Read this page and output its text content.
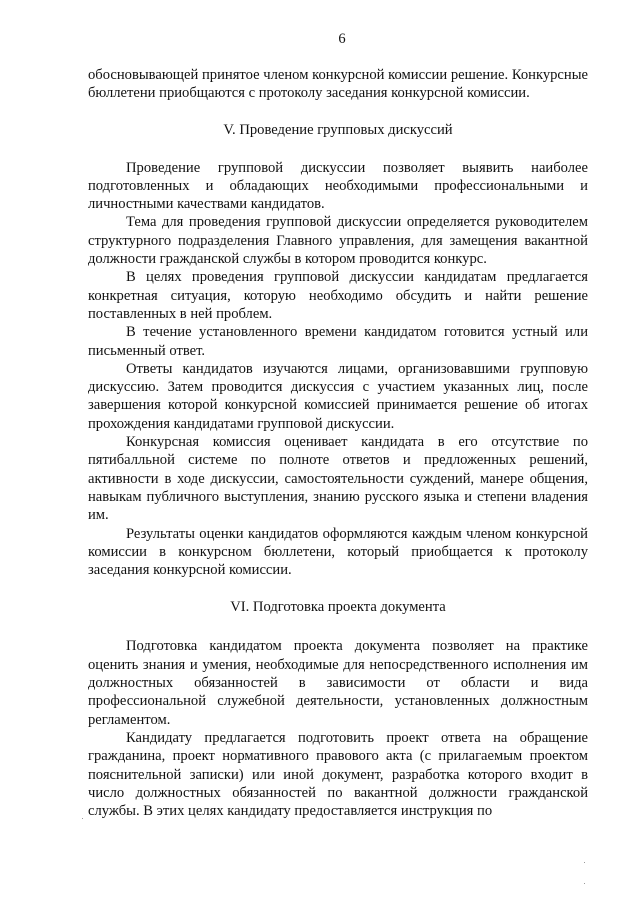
6

обосновывающей принятое членом конкурсной комиссии решение. Конкурсные бюллетени приобщаются с протоколу заседания конкурсной комиссии.

V. Проведение групповых дискуссий

Проведение групповой дискуссии позволяет выявить наиболее подготовленных и обладающих необходимыми профессиональными и личностными качествами кандидатов.

Тема для проведения групповой дискуссии определяется руководителем структурного подразделения Главного управления, для замещения вакантной должности гражданской службы в котором проводится конкурс.

В целях проведения групповой дискуссии кандидатам предлагается конкретная ситуация, которую необходимо обсудить и найти решение поставленных в ней проблем.

В течение установленного времени кандидатом готовится устный или письменный ответ.

Ответы кандидатов изучаются лицами, организовавшими групповую дискуссию. Затем проводится дискуссия с участием указанных лиц, после завершения которой конкурсной комиссией принимается решение об итогах прохождения кандидатами групповой дискуссии.

Конкурсная комиссия оценивает кандидата в его отсутствие по пятибалльной системе по полноте ответов и предложенных решений, активности в ходе дискуссии, самостоятельности суждений, манере общения, навыкам публичного выступления, знанию русского языка и степени владения им.

Результаты оценки кандидатов оформляются каждым членом конкурсной комиссии в конкурсном бюллетени, который приобщается к протоколу заседания конкурсной комиссии.

VI. Подготовка проекта документа

Подготовка кандидатом проекта документа позволяет на практике оценить знания и умения, необходимые для непосредственного исполнения им должностных обязанностей в зависимости от области и вида профессиональной служебной деятельности, установленных должностным регламентом.

Кандидату предлагается подготовить проект ответа на обращение гражданина, проект нормативного правового акта (с прилагаемым проектом пояснительной записки) или иной документ, разработка которого входит в число должностных обязанностей по вакантной должности гражданской службы. В этих целях кандидату предоставляется инструкция по
